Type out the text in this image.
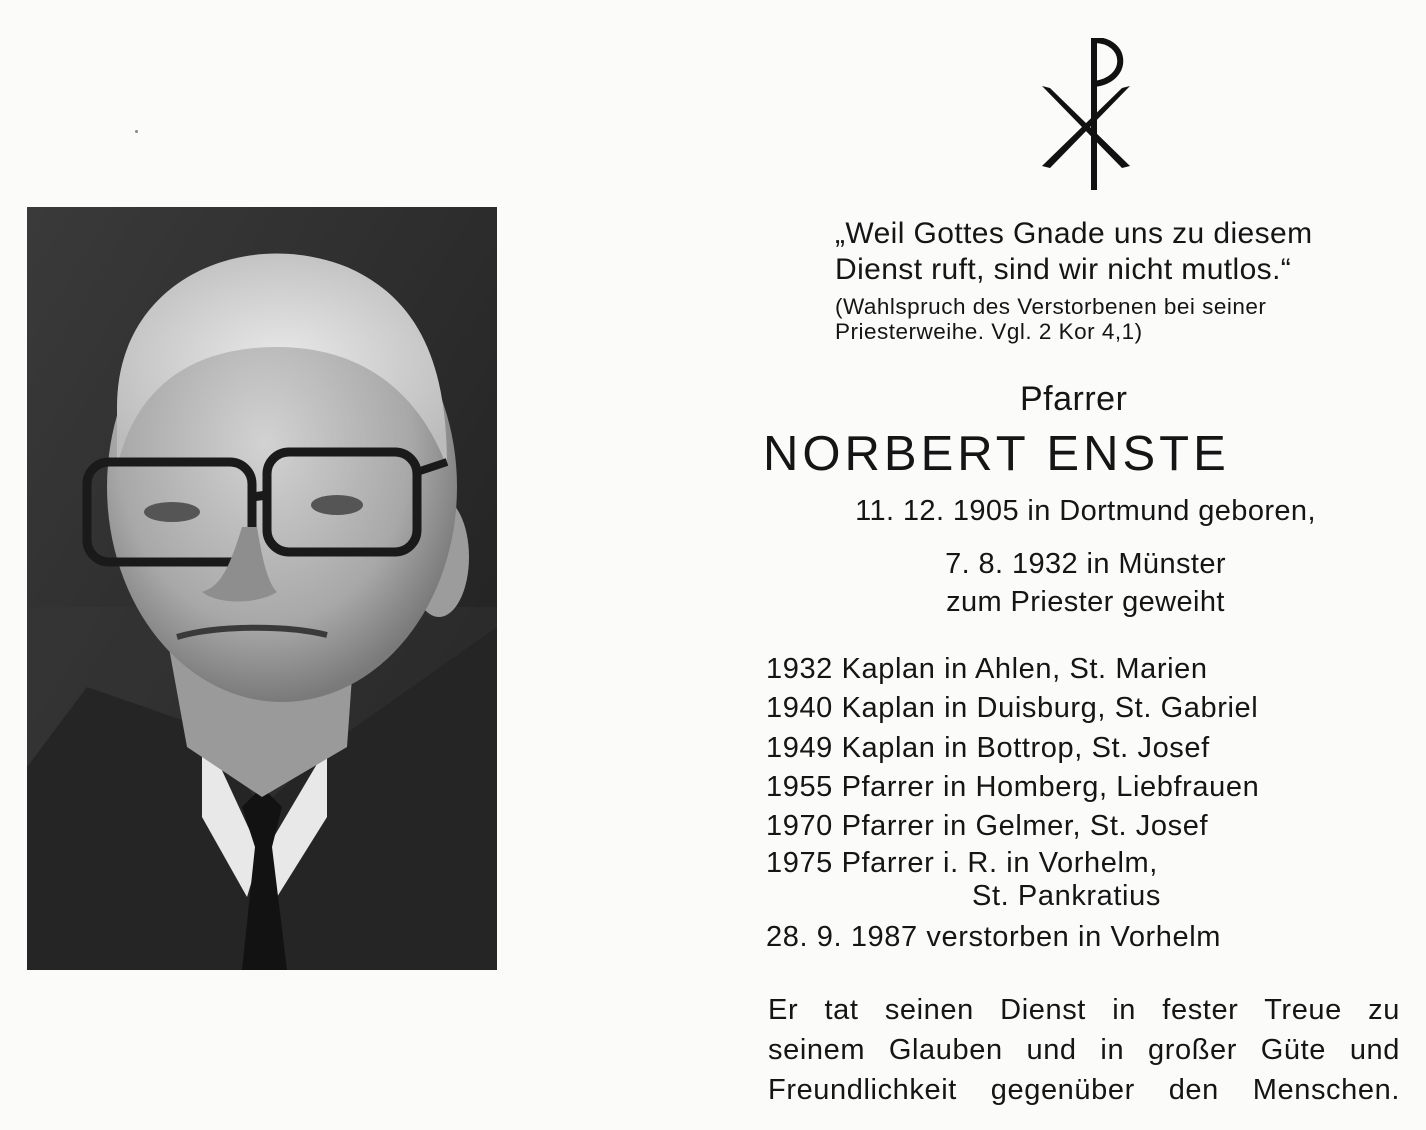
„Weil Gottes Gnade uns zu diesem Dienst ruft, sind wir nicht mutlos.“
(Wahlspruch des Verstorbenen bei seiner Priesterweihe. Vgl. 2 Kor 4,1)
Pfarrer
NORBERT ENSTE
11. 12. 1905 in Dortmund geboren,
7. 8. 1932 in Münster
zum Priester geweiht
1932 Kaplan in Ahlen, St. Marien
1940 Kaplan in Duisburg, St. Gabriel
1949 Kaplan in Bottrop, St. Josef
1955 Pfarrer in Homberg, Liebfrauen
1970 Pfarrer in Gelmer, St. Josef
1975 Pfarrer i. R. in Vorhelm,
St. Pankratius
28. 9. 1987 verstorben in Vorhelm
Er tat seinen Dienst in fester Treue zu
seinem Glauben und in großer Güte und
Freundlichkeit gegenüber den Menschen.
